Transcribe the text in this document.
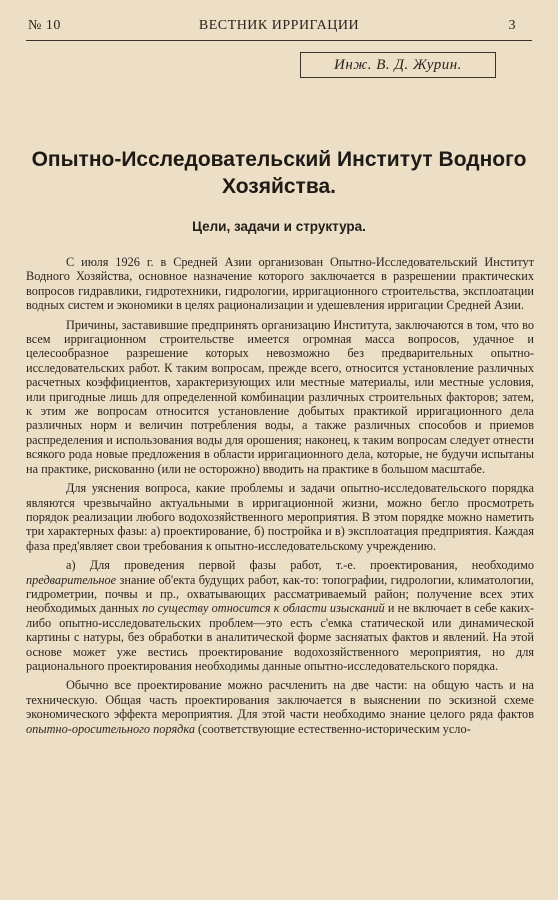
№ 10	ВЕСТНИК ИРРИГАЦИИ	3
Инж. В. Д. Журин.
Опытно-Исследовательский Институт Водного Хозяйства.
Цели, задачи и структура.

С июля 1926 г. в Средней Азии организован Опытно-Исследовательский Институт Водного Хозяйства, основное назначение которого заключается в разрешении практических вопросов гидравлики, гидротехники, гидрологии, ирригационного строительства, эксплоатации водных систем и экономики в целях рационализации и удешевления ирригации Средней Азии.

Причины, заставившие предпринять организацию Института, заключаются в том, что во всем ирригационном строительстве имеется огромная масса вопросов, удачное и целесообразное разрешение которых невозможно без предварительных опытно-исследовательских работ. К таким вопросам, прежде всего, относится установление различных расчетных коэффициентов, характеризующих или местные материалы, или местные условия, или пригодные лишь для определенной комбинации различных строительных факторов; затем, к этим же вопросам относится установление добытых практикой ирригационного дела различных норм и величин потребления воды, а также различных способов и приемов распределения и использования воды для орошения; наконец, к таким вопросам следует отнести всякого рода новые предложения в области ирригационного дела, которые, не будучи испытаны на практике, рискованно (или не осторожно) вводить на практике в большом масштабе.

Для уяснения вопроса, какие проблемы и задачи опытно-исследовательского порядка являются чрезвычайно актуальными в ирригационной жизни, можно бегло просмотреть порядок реализации любого водохозяйственного мероприятия. В этом порядке можно наметить три характерных фазы: а) проектирование, б) постройка и в) эксплоатация предприятия. Каждая фаза пред'являет свои требования к опытно-исследовательскому учреждению.

а) Для проведения первой фазы работ, т.-е. проектирования, необходимо предварительное знание об'екта будущих работ, как-то: топографии, гидрологии, климатологии, гидрометрии, почвы и пр., охватывающих рассматриваемый район; получение всех этих необходимых данных по существу относится к области изысканий и не включает в себе каких-либо опытно-исследовательских проблем—это есть с'емка статической или динамической картины с натуры, без обработки в аналитической форме засняатых фактов и явлений. На этой основе может уже вестись проектирование водохозяйственного мероприятия, но для рационального проектирования необходимы данные опытно-исследовательского порядка.

Обычно все проектирование можно расчленить на две части: на общую часть и на техническую. Общая часть проектирования заключается в выяснении по эскизной схеме экономического эффекта мероприятия. Для этой части необходимо знание целого ряда фактов опытно-оросительного порядка (соответствующие естественно-историческим усло-
